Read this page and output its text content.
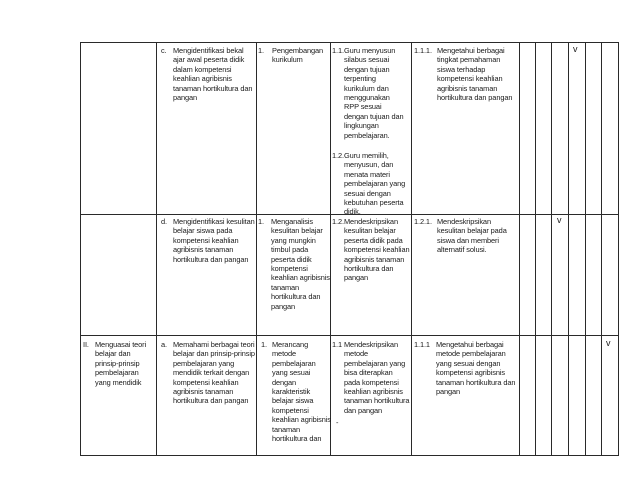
c. Mengidentifikasi bekal ajar awal peserta didik dalam kompetensi keahlian agribisnis tanaman hortikultura dan pangan
1. Pengembangan kurikulum
1.1. Guru menyusun silabus sesuai dengan tujuan terpenting kurikulum dan menggunakan RPP sesuai dengan tujuan dan lingkungan pembelajaran.
1.2. Guru memilih, menyusun, dan menata materi pembelajaran yang sesuai dengan kebutuhan peserta didik.
1.1.1. Mengetahui berbagai tingkat pemahaman siswa terhadap kompetensi keahlian agribisnis tanaman hortikultura dan pangan
v
d. Mengidentifikasi kesulitan belajar siswa pada kompetensi keahlian agribisnis tanaman hortikultura dan pangan
1. Menganalisis kesulitan belajar yang mungkin timbul pada peserta didik kompetensi keahlian agribisnis tanaman hortikultura dan pangan
1.2. Mendeskripsikan kesulitan belajar peserta didik pada kompetensi keahlian agribisnis tanaman hortikultura dan pangan
1.2.1. Mendeskripsikan kesulitan belajar pada siswa dan memberi alternatif solusi.
v
II. Menguasai teori belajar dan prinsip-prinsip pembelajaran yang mendidik
a. Memahami berbagai teori belajar dan prinsip-prinsip pembelajaran yang mendidik terkait dengan kompetensi keahlian agribisnis tanaman hortikultura dan pangan
1. Merancang metode pembelajaran yang sesuai dengan karakteristik belajar siswa kompetensi keahlian agribisnis tanaman hortikultura dan
1.1 Mendeskripsikan metode pembelajaran yang bisa diterapkan pada kompetensi keahlian agribisnis tanaman hortikultura dan pangan
-
1.1.1 Mengetahui berbagai metode pembelajaran yang sesuai dengan kompetensi agribisnis tanaman hortikultura dan pangan
v
